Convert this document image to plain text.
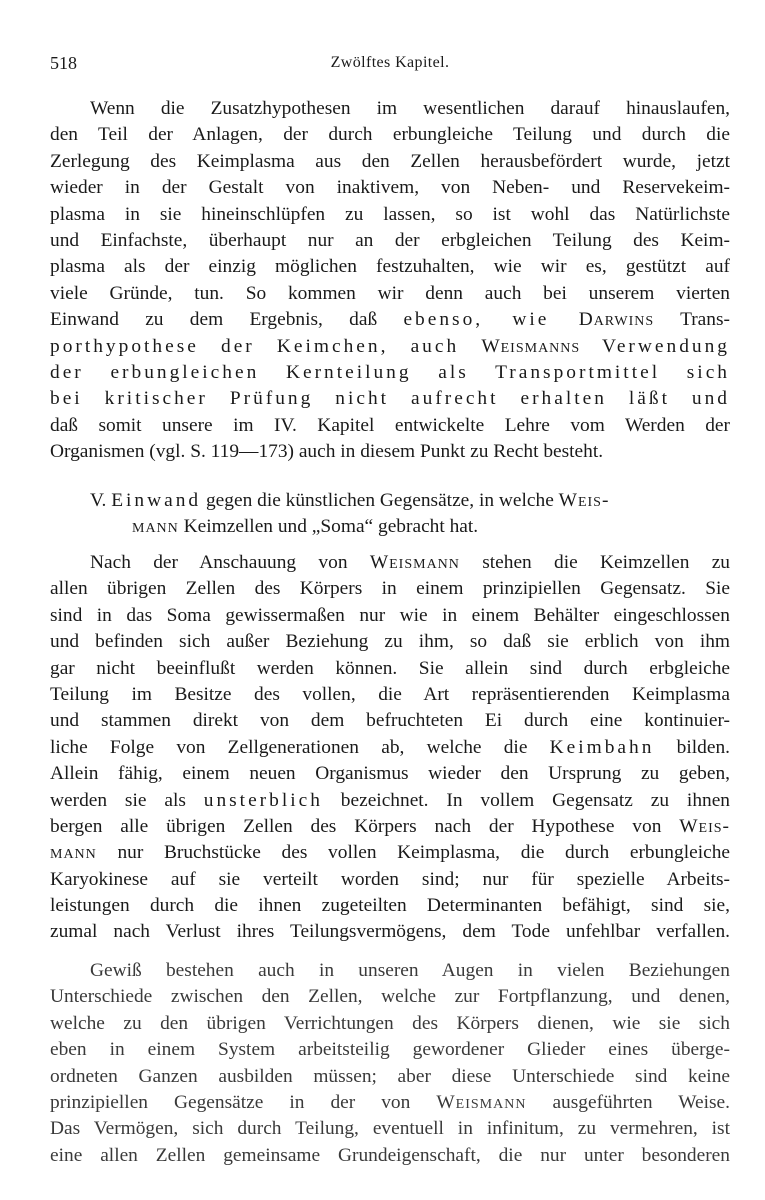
518	Zwölftes Kapitel.
Wenn die Zusatzhypothesen im wesentlichen darauf hinauslaufen,
den Teil der Anlagen, der durch erbungleiche Teilung und durch die
Zerlegung des Keimplasma aus den Zellen herausbefördert wurde, jetzt
wieder in der Gestalt von inaktivem, von Neben- und Reservekeim-
plasma in sie hineinschlüpfen zu lassen, so ist wohl das Natürlichste
und Einfachste, überhaupt nur an der erbgleichen Teilung des Keim-
plasma als der einzig möglichen festzuhalten, wie wir es, gestützt auf
viele Gründe, tun. So kommen wir denn auch bei unserem vierten
Einwand zu dem Ergebnis, daß ebenso, wie Darwins Trans-
porthypothese der Keimchen, auch Weismanns Verwendung
der erbungleichen Kernteilung als Transportmittel sich
bei kritischer Prüfung nicht aufrecht erhalten läßt und
daß somit unsere im IV. Kapitel entwickelte Lehre vom Werden der
Organismen (vgl. S. 119—173) auch in diesem Punkt zu Recht besteht.
V. Einwand gegen die künstlichen Gegensätze, in welche Weis-
mann Keimzellen und „Soma“ gebracht hat.
Nach der Anschauung von Weismann stehen die Keimzellen zu
allen übrigen Zellen des Körpers in einem prinzipiellen Gegensatz. Sie
sind in das Soma gewissermaßen nur wie in einem Behälter eingeschlossen
und befinden sich außer Beziehung zu ihm, so daß sie erblich von ihm
gar nicht beeinflußt werden können. Sie allein sind durch erbgleiche
Teilung im Besitze des vollen, die Art repräsentierenden Keimplasma
und stammen direkt von dem befruchteten Ei durch eine kontinuier-
liche Folge von Zellgenerationen ab, welche die Keimbahn bilden.
Allein fähig, einem neuen Organismus wieder den Ursprung zu geben,
werden sie als unsterblich bezeichnet. In vollem Gegensatz zu ihnen
bergen alle übrigen Zellen des Körpers nach der Hypothese von Weis-
mann nur Bruchstücke des vollen Keimplasma, die durch erbungleiche
Karyokinese auf sie verteilt worden sind; nur für spezielle Arbeits-
leistungen durch die ihnen zugeteilten Determinanten befähigt, sind sie,
zumal nach Verlust ihres Teilungsvermögens, dem Tode unfehlbar verfallen.
Gewiß bestehen auch in unseren Augen in vielen Beziehungen
Unterschiede zwischen den Zellen, welche zur Fortpflanzung, und denen,
welche zu den übrigen Verrichtungen des Körpers dienen, wie sie sich
eben in einem System arbeitsteilig gewordener Glieder eines überge-
ordneten Ganzen ausbilden müssen; aber diese Unterschiede sind keine
prinzipiellen Gegensätze in der von Weismann ausgeführten Weise.
Das Vermögen, sich durch Teilung, eventuell in infinitum, zu vermehren, ist
eine allen Zellen gemeinsame Grundeigenschaft, die nur unter besonderen
